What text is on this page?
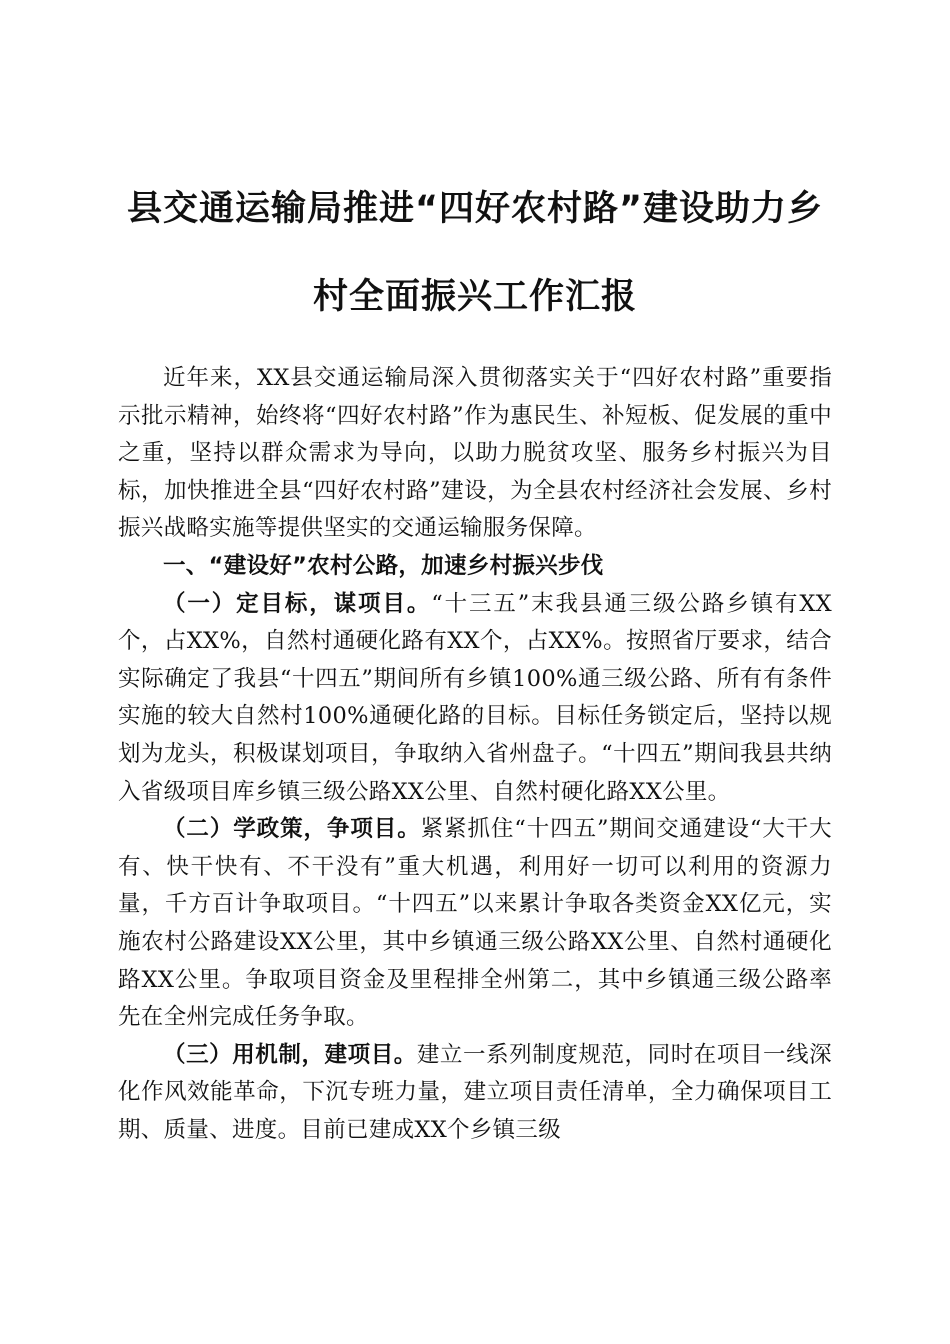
县交通运输局推进“四好农村路”建设助力乡村全面振兴工作汇报

近年来，XX县交通运输局深入贯彻落实关于“四好农村路”重要指示批示精神，始终将“四好农村路”作为惠民生、补短板、促发展的重中之重，坚持以群众需求为导向，以助力脱贫攻坚、服务乡村振兴为目标，加快推进全县“四好农村路”建设，为全县农村经济社会发展、乡村振兴战略实施等提供坚实的交通运输服务保障。

一、“建设好”农村公路，加速乡村振兴步伐

（一）定目标，谋项目。“十三五”末我县通三级公路乡镇有XX个，占XX%，自然村通硬化路有XX个，占XX%。按照省厅要求，结合实际确定了我县“十四五”期间所有乡镇100%通三级公路、所有有条件实施的较大自然村100%通硬化路的目标。目标任务锁定后，坚持以规划为龙头，积极谋划项目，争取纳入省州盘子。“十四五”期间我县共纳入省级项目库乡镇三级公路XX公里、自然村硬化路XX公里。

（二）学政策，争项目。紧紧抓住“十四五”期间交通建设“大干大有、快干快有、不干没有”重大机遇，利用好一切可以利用的资源力量，千方百计争取项目。“十四五”以来累计争取各类资金XX亿元，实施农村公路建设XX公里，其中乡镇通三级公路XX公里、自然村通硬化路XX公里。争取项目资金及里程排全州第二，其中乡镇通三级公路率先在全州完成任务争取。

（三）用机制，建项目。建立一系列制度规范，同时在项目一线深化作风效能革命，下沉专班力量，建立项目责任清单，全力确保项目工期、质量、进度。目前已建成XX个乡镇三级
